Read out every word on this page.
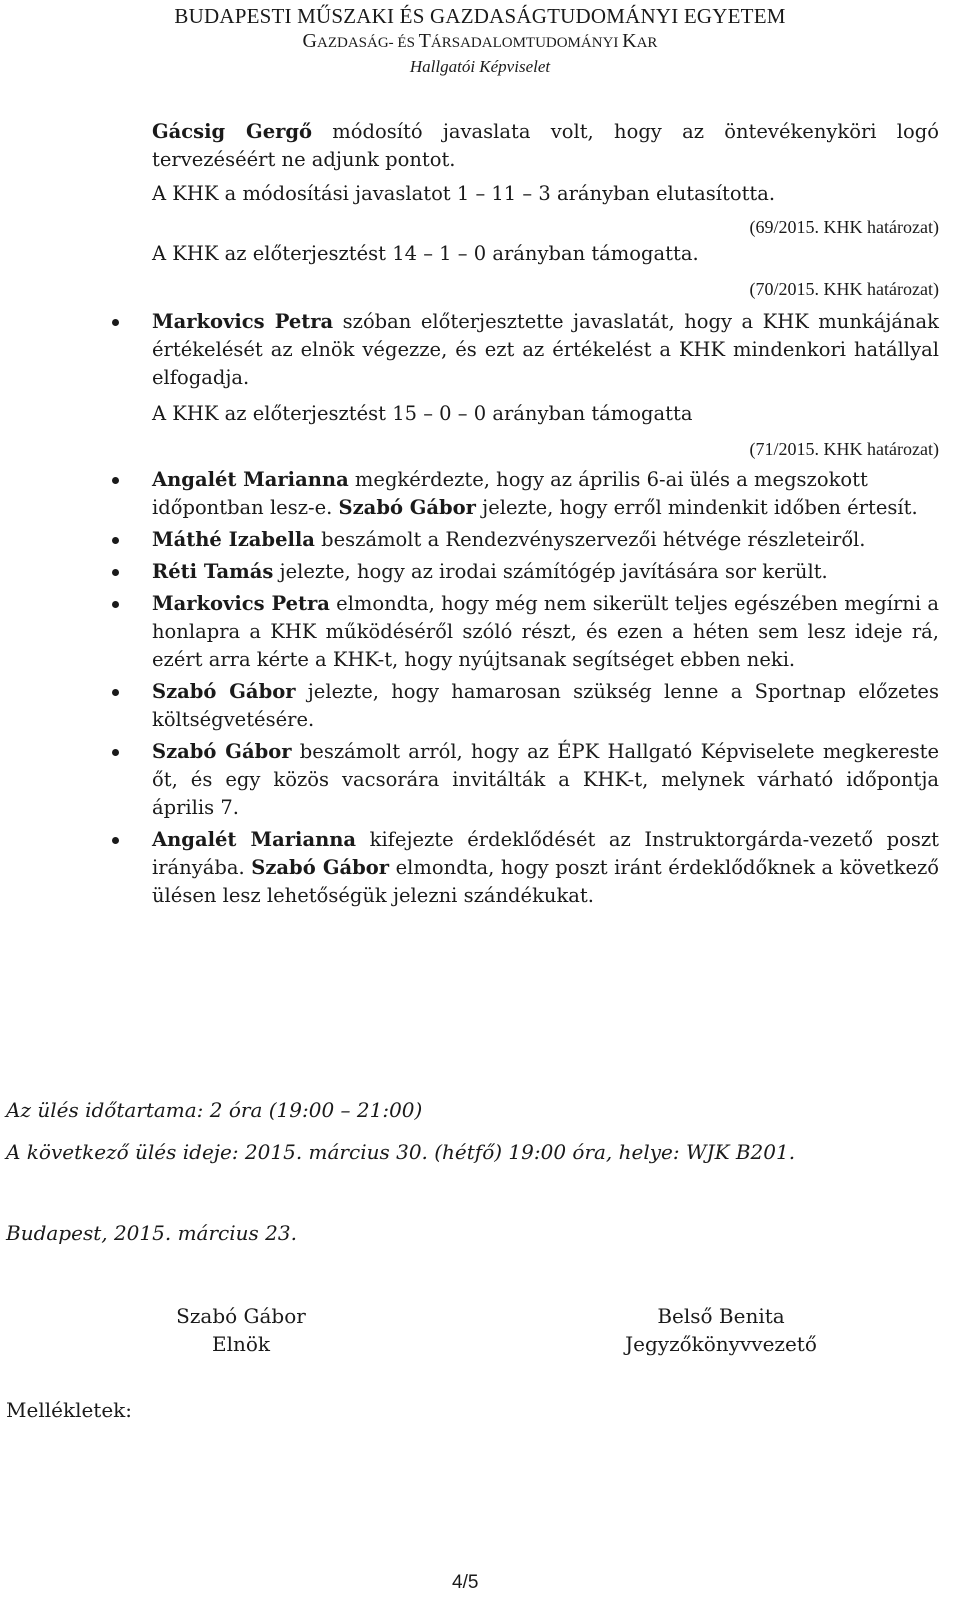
BUDAPESTI MŰSZAKI ÉS GAZDASÁGTUDOMÁNYI EGYETEM
GAZDASÁG- ÉS TÁRSADALOMTUDOMÁNYI KAR
Hallgatói Képviselet

Gácsig Gergő módosító javaslata volt, hogy az öntevékenyköri logó tervezéséért ne adjunk pontot.

A KHK a módosítási javaslatot 1 – 11 – 3 arányban elutasította.

(69/2015. KHK határozat)

A KHK az előterjesztést 14 – 1 – 0 arányban támogatta.

(70/2015. KHK határozat)

Markovics Petra szóban előterjesztette javaslatát, hogy a KHK munkájának értékelését az elnök végezze, és ezt az értékelést a KHK mindenkori hatállyal elfogadja.

A KHK az előterjesztést 15 – 0 – 0 arányban támogatta

(71/2015. KHK határozat)

Angalét Marianna megkérdezte, hogy az április 6-ai ülés a megszokott időpontban lesz-e. Szabó Gábor jelezte, hogy erről mindenkit időben értesít.

Máthé Izabella beszámolt a Rendezvényszervezői hétvége részleteiről.

Réti Tamás jelezte, hogy az irodai számítógép javítására sor került.

Markovics Petra elmondta, hogy még nem sikerült teljes egészében megírni a honlapra a KHK működéséről szóló részt, és ezen a héten sem lesz ideje rá, ezért arra kérte a KHK-t, hogy nyújtsanak segítséget ebben neki.

Szabó Gábor jelezte, hogy hamarosan szükség lenne a Sportnap előzetes költségvetésére.

Szabó Gábor beszámolt arról, hogy az ÉPK Hallgató Képviselete megkereste őt, és egy közös vacsorára invitálták a KHK-t, melynek várható időpontja április 7.

Angalét Marianna kifejezte érdeklődését az Instruktorgárda-vezető poszt irányába. Szabó Gábor elmondta, hogy poszt iránt érdeklődőknek a következő ülésen lesz lehetőségük jelezni szándékukat.

Az ülés időtartama: 2 óra (19:00 – 21:00)
A következő ülés ideje: 2015. március 30. (hétfő) 19:00 óra, helye: WJK B201.
Budapest, 2015. március 23.
Szabó Gábor
Elnök
Belső Benita
Jegyzőkönyvvezető
Mellékletek:
4/5
